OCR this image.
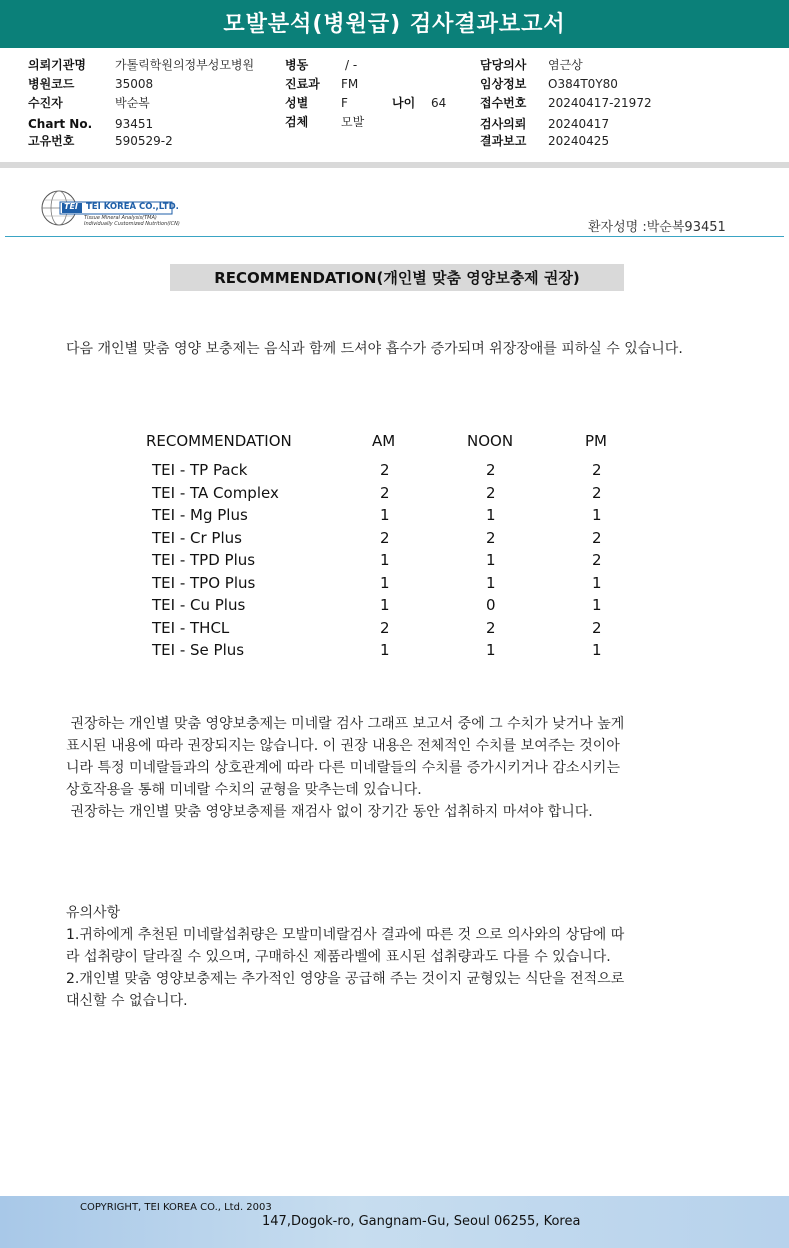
모발분석(병원급) 검사결과보고서
의뢰기관명 가톨릭학원의정부성모병원
병원코드	35008
수진자	박순복
Chart No. 93451
고유번호	590529-2
병동	/ -
진료과 FM
성별	F	나이 64
검체	모발
담당의사 염근상
임상정보 O384T0Y80
접수번호 20240417-21972
검사의뢰 20240417
결과보고 20240425
TEI TEI KOREA CO.,LTD.
Tissue Mineral Analysis(TMA)
Individually Customized Nutrition(ICN)	환자성명 :박순복93451
RECOMMENDATION(개인별 맞춤 영양보충제 권장)
다음 개인별 맞춤 영양 보충제는 음식과 함께 드셔야 흡수가 증가되며 위장장애를 피하실 수 있습니다.
RECOMMENDATION	AM	NOON	PM
TEI - TP Pack	2	2	2
TEI - TA Complex	2	2	2
TEI - Mg Plus	1	1	1
TEI - Cr Plus	2	2	2
TEI - TPD Plus	1	1	2
TEI - TPO Plus	1	1	1
TEI - Cu Plus	1	0	1
TEI - THCL	2	2	2
TEI - Se Plus	1	1	1
권장하는 개인별 맞춤 영양보충제는 미네랄 검사 그래프 보고서 중에 그 수치가 낮거나 높게
표시된 내용에 따라 권장되지는 않습니다. 이 권장 내용은 전체적인 수치를 보여주는 것이아
니라 특정 미네랄들과의 상호관계에 따라 다른 미네랄들의 수치를 증가시키거나 감소시키는
상호작용을 통해 미네랄 수치의 균형을 맞추는데 있습니다.
권장하는 개인별 맞춤 영양보충제를 재검사 없이 장기간 동안 섭취하지 마셔야 합니다.
유의사항
1.귀하에게 추천된 미네랄섭취량은 모발미네랄검사 결과에 따른 것 으로 의사와의 상담에 따
라 섭취량이 달라질 수 있으며, 구매하신 제품라벨에 표시된 섭취량과도 다를 수 있습니다.
2.개인별 맞춤 영양보충제는 추가적인 영양을 공급해 주는 것이지 균형있는 식단을 전적으로
대신할 수 없습니다.
COPYRIGHT, TEI KOREA CO., Ltd. 2003
147,Dogok-ro, Gangnam-Gu, Seoul 06255, Korea
